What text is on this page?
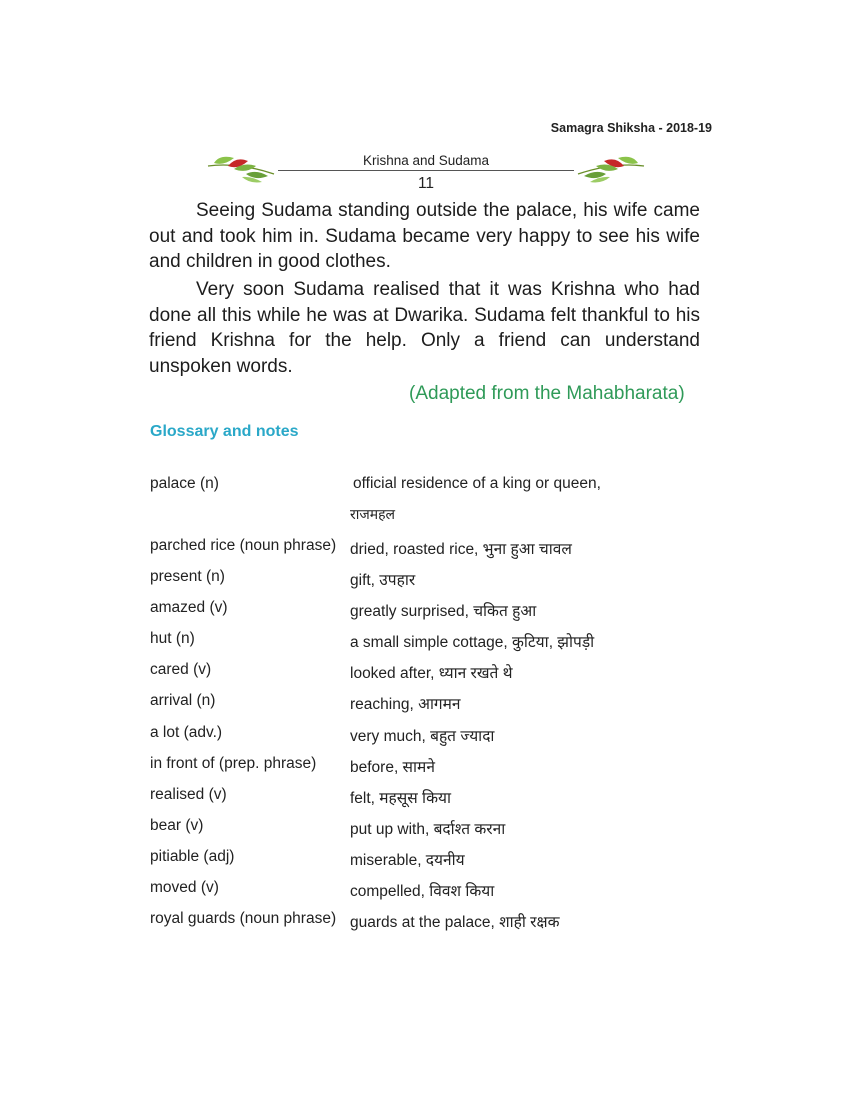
Samagra Shiksha - 2018-19
Krishna and Sudama
11

Seeing Sudama standing outside the palace, his wife came out and took him in. Sudama became very happy to see his wife and children in good clothes.

Very soon Sudama realised that it was Krishna who had done all this while he was at Dwarika. Sudama felt thankful to his friend Krishna for the help. Only a friend can understand unspoken words.

(Adapted from the Mahabharata)
Glossary and notes
palace (n)	official residence of a king or queen,
राजमहल
parched rice (noun phrase) dried, roasted rice, भुना हुआ चावल
present (n)	gift, उपहार
amazed (v)	greatly surprised, चकित हुआ
hut (n)	a small simple cottage, कुटिया, झोपड़ी
cared (v)	looked after, ध्यान रखते थे
arrival (n)	reaching, आगमन
a lot (adv.)	very much, बहुत ज्यादा
in front of (prep. phrase) before, सामने
realised (v)	felt, महसूस किया
bear (v)	put up with, बर्दाश्त करना
pitiable (adj)	miserable, दयनीय
moved (v)	compelled, विवश किया
royal guards (noun phrase) guards at the palace, शाही रक्षक
